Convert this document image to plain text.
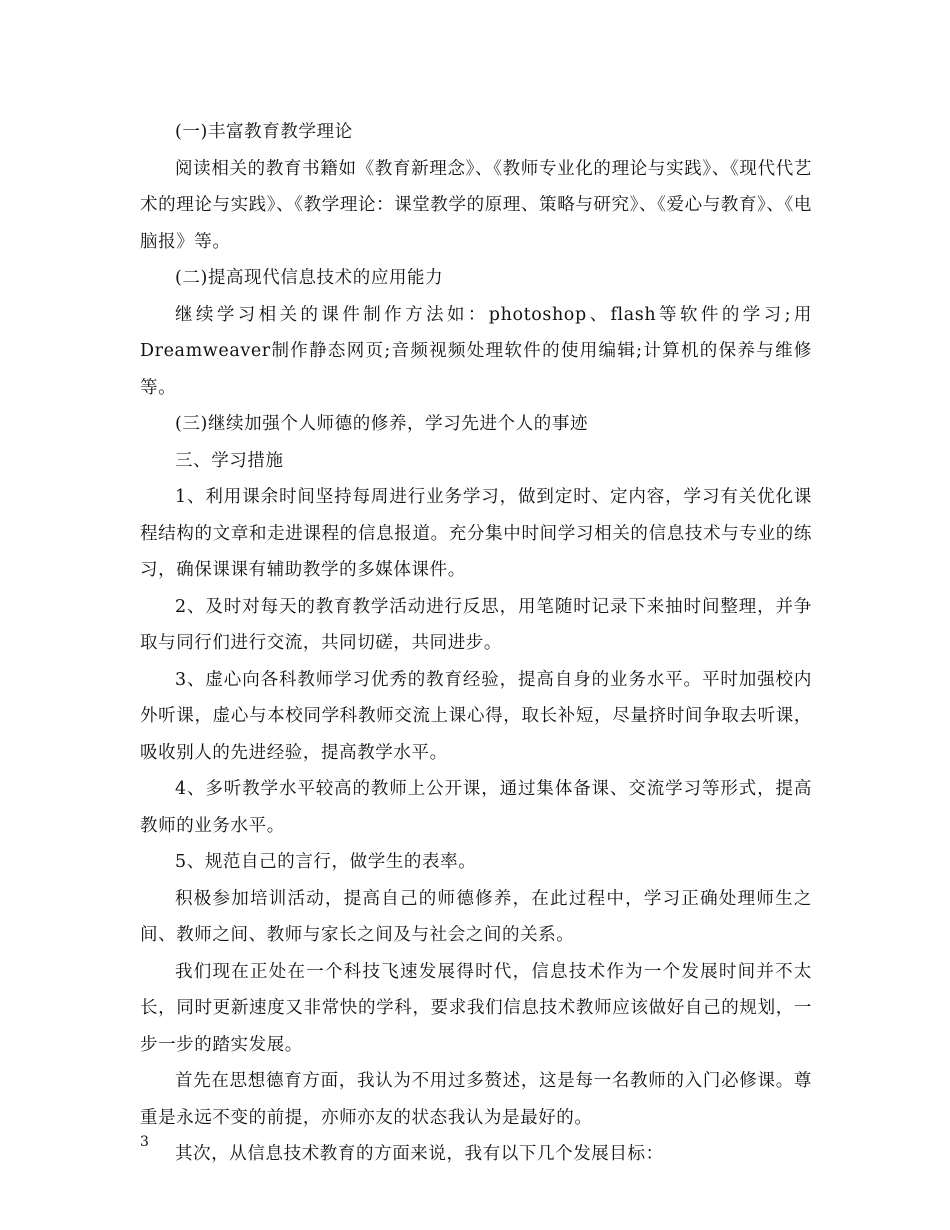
(一)丰富教育教学理论

阅读相关的教育书籍如《教育新理念》、《教师专业化的理论与实践》、《现代代艺术的理论与实践》、《教学理论：课堂教学的原理、策略与研究》、《爱心与教育》、《电脑报》等。

(二)提高现代信息技术的应用能力

继续学习相关的课件制作方法如：photoshop、flash等软件的学习;用Dreamweaver制作静态网页;音频视频处理软件的使用编辑;计算机的保养与维修等。

(三)继续加强个人师德的修养，学习先进个人的事迹

三、学习措施

1、利用课余时间坚持每周进行业务学习，做到定时、定内容，学习有关优化课程结构的文章和走进课程的信息报道。充分集中时间学习相关的信息技术与专业的练习，确保课课有辅助教学的多媒体课件。

2、及时对每天的教育教学活动进行反思，用笔随时记录下来抽时间整理，并争取与同行们进行交流，共同切磋，共同进步。

3、虚心向各科教师学习优秀的教育经验，提高自身的业务水平。平时加强校内外听课，虚心与本校同学科教师交流上课心得，取长补短，尽量挤时间争取去听课，吸收别人的先进经验，提高教学水平。

4、多听教学水平较高的教师上公开课，通过集体备课、交流学习等形式，提高教师的业务水平。

5、规范自己的言行，做学生的表率。

积极参加培训活动，提高自己的师德修养，在此过程中，学习正确处理师生之间、教师之间、教师与家长之间及与社会之间的关系。

我们现在正处在一个科技飞速发展得时代，信息技术作为一个发展时间并不太长，同时更新速度又非常快的学科，要求我们信息技术教师应该做好自己的规划，一步一步的踏实发展。

首先在思想德育方面，我认为不用过多赘述，这是每一名教师的入门必修课。尊重是永远不变的前提，亦师亦友的状态我认为是最好的。

其次，从信息技术教育的方面来说，我有以下几个发展目标：

3
